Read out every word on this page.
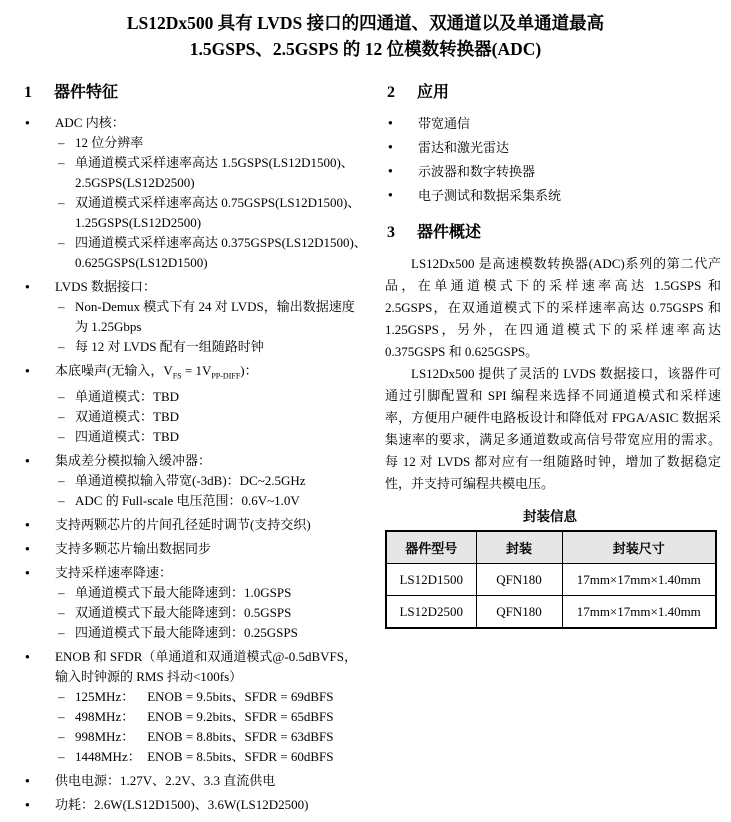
LS12Dx500 具有 LVDS 接口的四通道、双通道以及单通道最高
1.5GSPS、2.5GSPS 的 12 位模数转换器(ADC)
1	器件特征
● ADC 内核：
– 12 位分辨率
– 单通道模式采样速率高达 1.5GSPS(LS12D1500)、2.5GSPS(LS12D2500)
– 双通道模式采样速率高达 0.75GSPS(LS12D1500)、1.25GSPS(LS12D2500)
– 四通道模式采样速率高达 0.375GSPS(LS12D1500)、0.625GSPS(LS12D1500)
● LVDS 数据接口：
– Non-Demux 模式下有 24 对 LVDS，输出数据速度为 1.25Gbps
– 每 12 对 LVDS 配有一组随路时钟
● 本底噪声(无输入，$V_{FS} = 1V_{PP-DIFF}$)：
– 单通道模式：TBD
– 双通道模式：TBD
– 四通道模式：TBD
● 集成差分模拟输入缓冲器：
– 单通道模拟输入带宽(-3dB)：DC~2.5GHz
– ADC 的 Full-scale 电压范围：0.6V~1.0V
● 支持两颗芯片的片间孔径延时调节(支持交织)
● 支持多颗芯片输出数据同步
● 支持采样速率降速：
– 单通道模式下最大能降速到：1.0GSPS
– 双通道模式下最大能降速到：0.5GSPS
– 四通道模式下最大能降速到：0.25GSPS
● ENOB 和 SFDR（单通道和双通道模式@-0.5dBVFS，输入时钟源的 RMS 抖动<100fs）
– 125MHz：    ENOB = 9.5bits、SFDR = 69dBFS
– 498MHz：    ENOB = 9.2bits、SFDR = 65dBFS
– 998MHz：    ENOB = 8.8bits、SFDR = 63dBFS
– 1448MHz：  ENOB = 8.5bits、SFDR = 60dBFS
● 供电电源：1.27V、2.2V、3.3 直流供电
● 功耗：2.6W(LS12D1500)、3.6W(LS12D2500)
2	应用
● 带宽通信
● 雷达和激光雷达
● 示波器和数字转换器
● 电子测试和数据采集系统
3	器件概述

LS12Dx500 是高速模数转换器(ADC)系列的第二代产品，在单通道模式下的采样速率高达 1.5GSPS 和 2.5GSPS，在双通道模式下的采样速率高达 0.75GSPS 和 1.25GSPS，另外，在四通道模式下的采样速率高达 0.375GSPS 和 0.625GSPS。

LS12Dx500 提供了灵活的 LVDS 数据接口，该器件可通过引脚配置和 SPI 编程来选择不同通道模式和采样速率，方便用户硬件电路板设计和降低对 FPGA/ASIC 数据采集速率的要求，满足多通道数或高信号带宽应用的需求。每 12 对 LVDS 都对应有一组随路时钟，增加了数据稳定性，并支持可编程共模电压。

封装信息
器件型号	封装	封装尺寸
LS12D1500	QFN180	17mm×17mm×1.40mm
LS12D2500	QFN180	17mm×17mm×1.40mm
